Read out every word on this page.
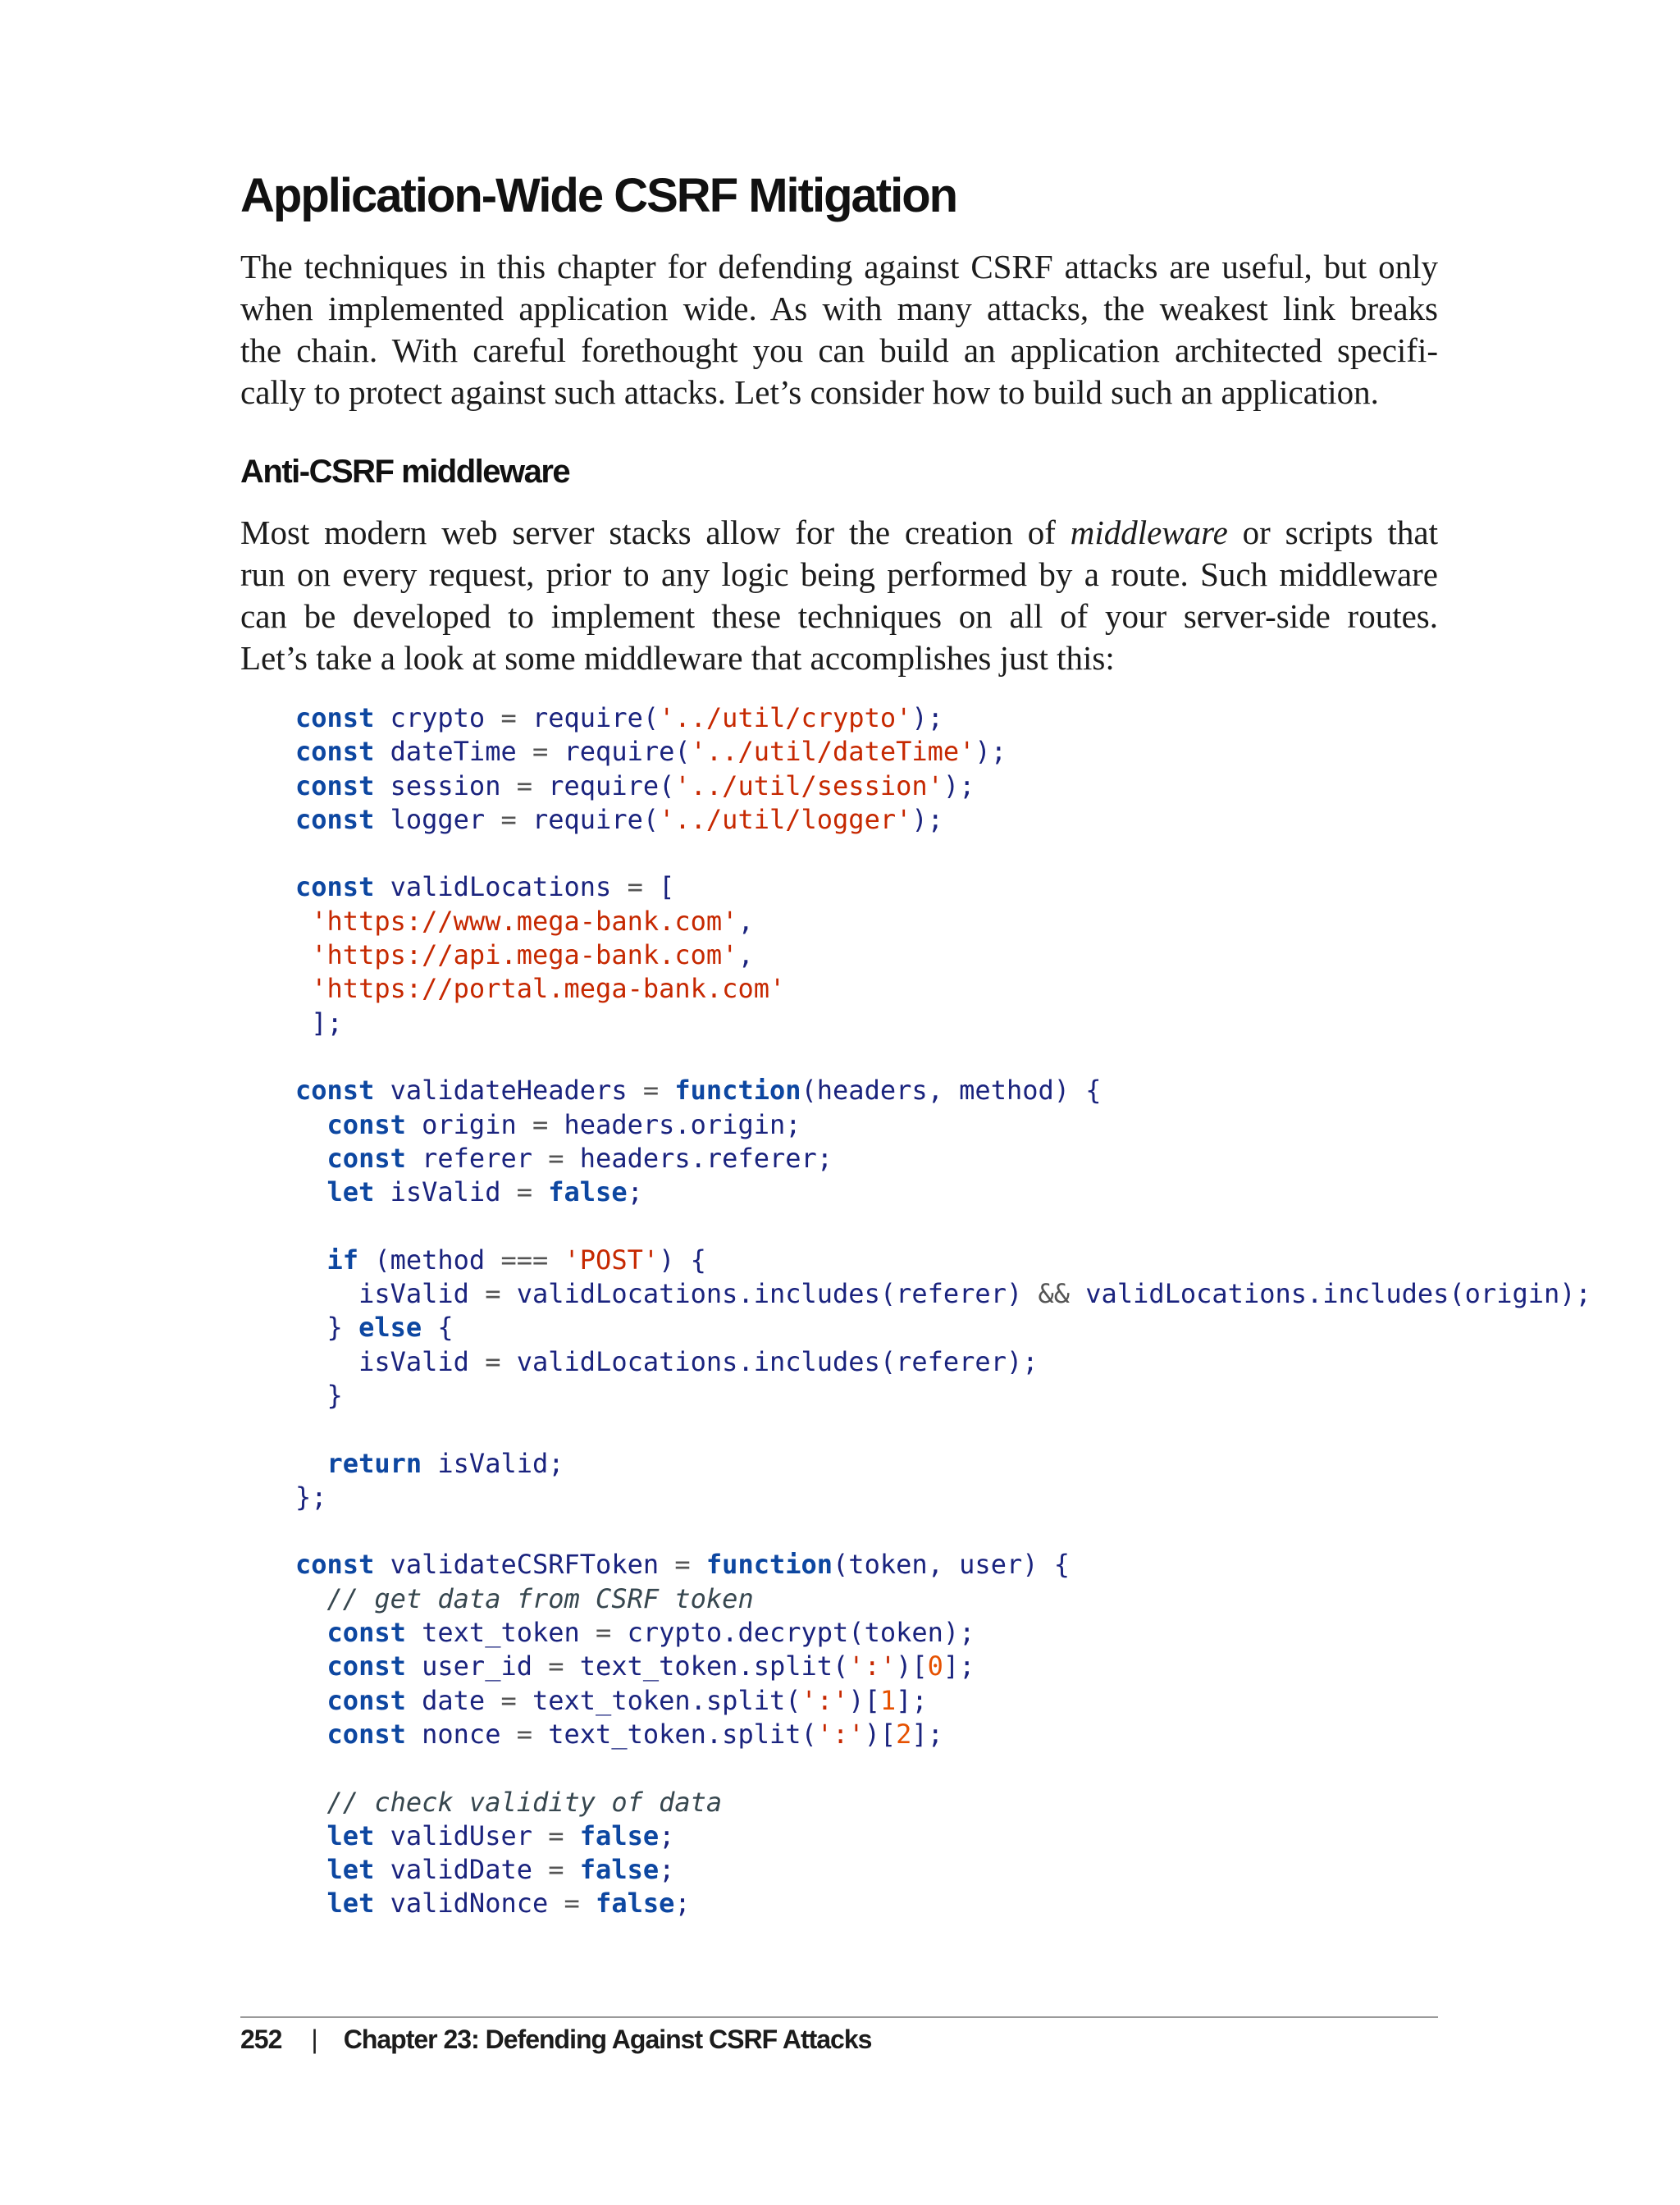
Application-Wide CSRF Mitigation

The techniques in this chapter for defending against CSRF attacks are useful, but only
when implemented application wide. As with many attacks, the weakest link breaks
the chain. With careful forethought you can build an application architected specifi-
cally to protect against such attacks. Let’s consider how to build such an application.

Anti-CSRF middleware

Most modern web server stacks allow for the creation of middleware or scripts that
run on every request, prior to any logic being performed by a route. Such middleware
can be developed to implement these techniques on all of your server-side routes.
Let’s take a look at some middleware that accomplishes just this:

const crypto = require('../util/crypto');
const dateTime = require('../util/dateTime');
const session = require('../util/session');
const logger = require('../util/logger');
const validLocations = [
'https://www.mega-bank.com',
'https://api.mega-bank.com',
'https://portal.mega-bank.com'
];
const validateHeaders = function(headers, method) {
const origin = headers.origin;
const referer = headers.referer;
let isValid = false;
if (method === 'POST') {
isValid = validLocations.includes(referer) && validLocations.includes(origin);
} else {
isValid = validLocations.includes(referer);
}
return isValid;
};
const validateCSRFToken = function(token, user) {
// get data from CSRF token
const text_token = crypto.decrypt(token);
const user_id = text_token.split(':')[0];
const date = text_token.split(':')[1];
const nonce = text_token.split(':')[2];
// check validity of data
let validUser = false;
let validDate = false;
let validNonce = false;
252 | Chapter 23: Defending Against CSRF Attacks
